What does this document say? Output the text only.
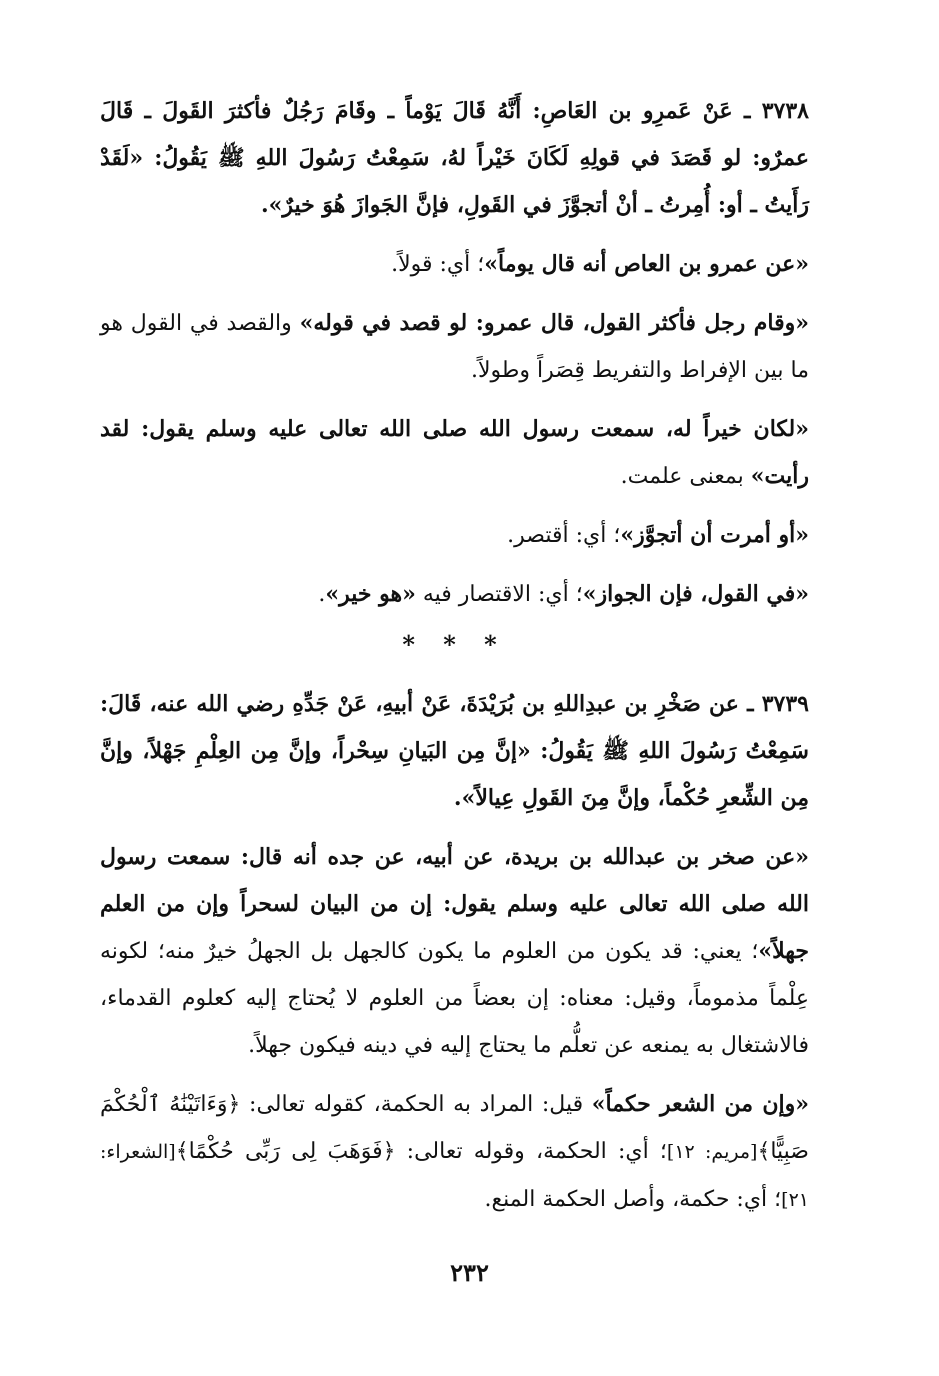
٣٧٣٨ ـ عَنْ عَمرِو بن العَاصِ: أَنَّهُ قَالَ يَوْماً ـ وقَامَ رَجُلٌ فأكثرَ القَولَ ـ قَالَ عمرٌو: لو قَصَدَ في قولِهِ لَكَانَ خَيْراً لهُ، سَمِعْتُ رَسُولَ اللهِ ﷺ يَقُولُ: «لَقَدْ رَأَيتُ ـ أو: أُمِرتُ ـ أنْ أتجوَّزَ في القَولِ، فإنَّ الجَوازَ هُوَ خيرٌ».

«عن عمرو بن العاص أنه قال يوماً»؛ أي: قولاً.

«وقام رجل فأكثر القول، قال عمرو: لو قصد في قوله» والقصد في القول هو ما بين الإفراط والتفريط قِصَراً وطولاً.

«لكان خيراً له، سمعت رسول الله صلى الله تعالى عليه وسلم يقول: لقد رأيت» بمعنى علمت.

«أو أمرت أن أتجوَّز»؛ أي: أقتصر.

«في القول، فإن الجواز»؛ أي: الاقتصار فيه «هو خير».

* * *

٣٧٣٩ ـ عن صَخْرِ بن عبدِاللهِ بن بُرَيْدَةَ، عَنْ أبيهِ، عَنْ جَدِّهِ رضي الله عنه، قَالَ: سَمِعْتُ رَسُولَ اللهِ ﷺ يَقُولُ: «إنَّ مِن البَيانِ سِحْراً، وإنَّ مِن العِلْمِ جَهْلاً، وإنَّ مِن الشِّعرِ حُكْماً، وإنَّ مِنَ القَولِ عِيالاً».

«عن صخر بن عبدالله بن بريدة، عن أبيه، عن جده أنه قال: سمعت رسول الله صلى الله تعالى عليه وسلم يقول: إن من البيان لسحراً وإن من العلم جهلاً»؛ يعني: قد يكون من العلوم ما يكون كالجهل بل الجهلُ خيرٌ منه؛ لكونه عِلْماً مذموماً، وقيل: معناه: إن بعضاً من العلوم لا يُحتاج إليه كعلوم القدماء، فالاشتغال به يمنعه عن تعلُّم ما يحتاج إليه في دينه فيكون جهلاً.

«وإن من الشعر حكماً» قيل: المراد به الحكمة، كقوله تعالى: ﴿وَءَاتَيْنَٰهُ ٱلْحُكْمَ صَبِيًّا﴾[مريم: ١٢]؛ أي: الحكمة، وقوله تعالى: ﴿فَوَهَبَ لِى رَبِّى حُكْمًا﴾[الشعراء: ٢١]؛ أي: حكمة، وأصل الحكمة المنع.

٢٣٢
